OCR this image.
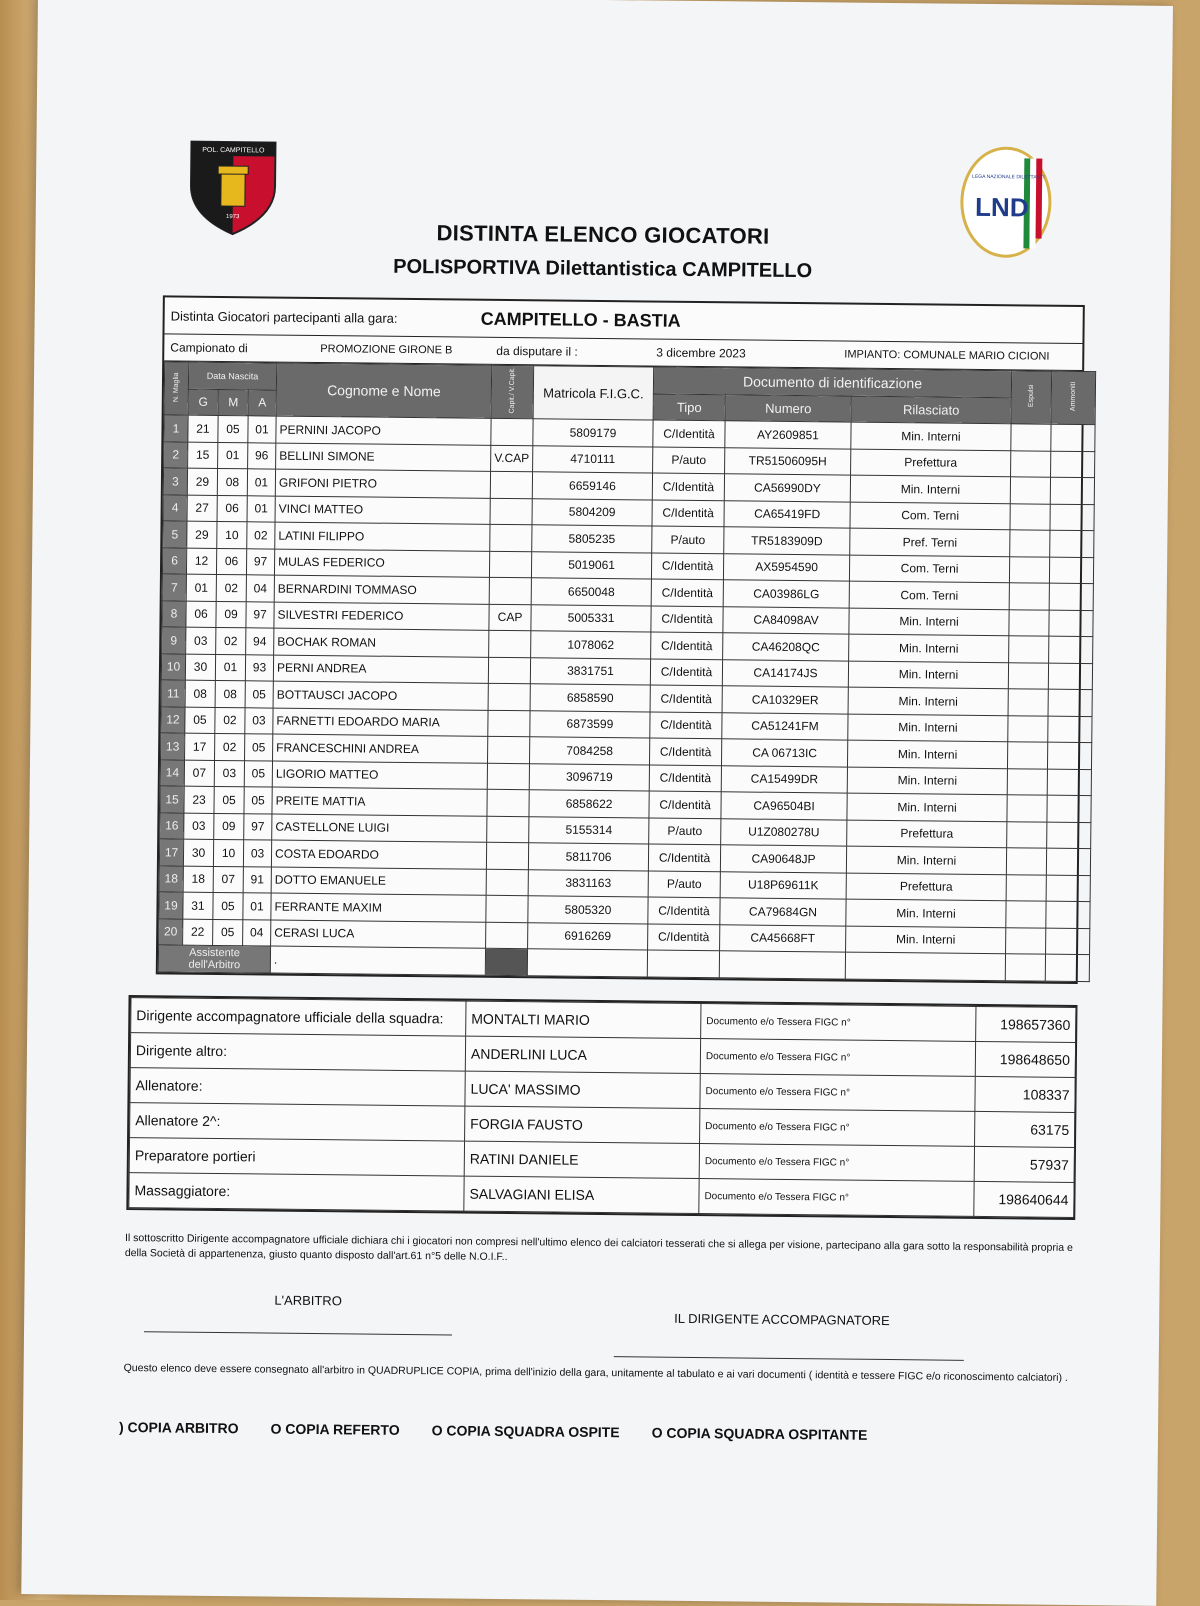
POL. CAMPITELLO
1973
LEGA NAZIONALE DILETTANTI
LND
DISTINTA ELENCO GIOCATORI
POLISPORTIVA Dilettantistica CAMPITELLO
Distinta Giocatori partecipanti alla gara:	CAMPITELLO - BASTIA
Campionato di	PROMOZIONE GIRONE B	da disputare il :	3 dicembre 2023	IMPIANTO: COMUNALE MARIO CICIONI
N. Maglia	Data Nascita			Cognome e Nome	Capit./ V.Capit.	Matricola F.I.G.C.	Documento di identificazione			Espulsi	Ammoniti
	G	M	A				Tipo	Numero	Rilasciato		
1	21	05	01	PERNINI JACOPO		5809179	C/Identità	AY2609851	Min. Interni		
2	15	01	96	BELLINI SIMONE	V.CAP	4710111	P/auto	TR51506095H	Prefettura		
3	29	08	01	GRIFONI PIETRO		6659146	C/Identità	CA56990DY	Min. Interni		
4	27	06	01	VINCI MATTEO		5804209	C/Identità	CA65419FD	Com. Terni		
5	29	10	02	LATINI FILIPPO		5805235	P/auto	TR5183909D	Pref. Terni		
6	12	06	97	MULAS FEDERICO		5019061	C/Identità	AX5954590	Com. Terni		
7	01	02	04	BERNARDINI TOMMASO		6650048	C/Identità	CA03986LG	Com. Terni		
8	06	09	97	SILVESTRI FEDERICO	CAP	5005331	C/Identità	CA84098AV	Min. Interni		
9	03	02	94	BOCHAK ROMAN		1078062	C/Identità	CA46208QC	Min. Interni		
10	30	01	93	PERNI ANDREA		3831751	C/Identità	CA14174JS	Min. Interni		
11	08	08	05	BOTTAUSCI JACOPO		6858590	C/Identità	CA10329ER	Min. Interni		
12	05	02	03	FARNETTI EDOARDO MARIA		6873599	C/Identità	CA51241FM	Min. Interni		
13	17	02	05	FRANCESCHINI ANDREA		7084258	C/Identità	CA 06713IC	Min. Interni		
14	07	03	05	LIGORIO MATTEO		3096719	C/Identità	CA15499DR	Min. Interni		
15	23	05	05	PREITE MATTIA		6858622	C/Identità	CA96504BI	Min. Interni		
16	03	09	97	CASTELLONE LUIGI		5155314	P/auto	U1Z080278U	Prefettura		
17	30	10	03	COSTA EDOARDO		5811706	C/Identità	CA90648JP	Min. Interni		
18	18	07	91	DOTTO EMANUELE		3831163	P/auto	U18P69611K	Prefettura		
19	31	05	01	FERRANTE MAXIM		5805320	C/Identità	CA79684GN	Min. Interni		
20	22	05	04	CERASI LUCA		6916269	C/Identità	CA45668FT	Min. Interni		
Assistente dell'Arbitro				.							
Dirigente accompagnatore ufficiale della squadra:	MONTALTI MARIO	Documento e/o Tessera FIGC n°	198657360
Dirigente altro:	ANDERLINI LUCA	Documento e/o Tessera FIGC n°	198648650
Allenatore:	LUCA' MASSIMO	Documento e/o Tessera FIGC n°	108337
Allenatore 2^:	FORGIA FAUSTO	Documento e/o Tessera FIGC n°	63175
Preparatore portieri	RATINI DANIELE	Documento e/o Tessera FIGC n°	57937
Massaggiatore:	SALVAGIANI ELISA	Documento e/o Tessera FIGC n°	198640644
Il sottoscritto Dirigente accompagnatore ufficiale dichiara chi i giocatori non compresi nell'ultimo elenco dei calciatori tesserati che si allega per visione, partecipano alla gara sotto la responsabilità propria e della Società di appartenenza, giusto quanto disposto dall'art.61 n°5 delle N.O.I.F..
L'ARBITRO
IL DIRIGENTE ACCOMPAGNATORE
Questo elenco deve essere consegnato all'arbitro in QUADRUPLICE COPIA, prima dell'inizio della gara, unitamente al tabulato e ai vari documenti ( identità e tessere FIGC e/o riconoscimento calciatori) .
) COPIA ARBITRO O COPIA REFERTO O COPIA SQUADRA OSPITE O COPIA SQUADRA OSPITANTE
